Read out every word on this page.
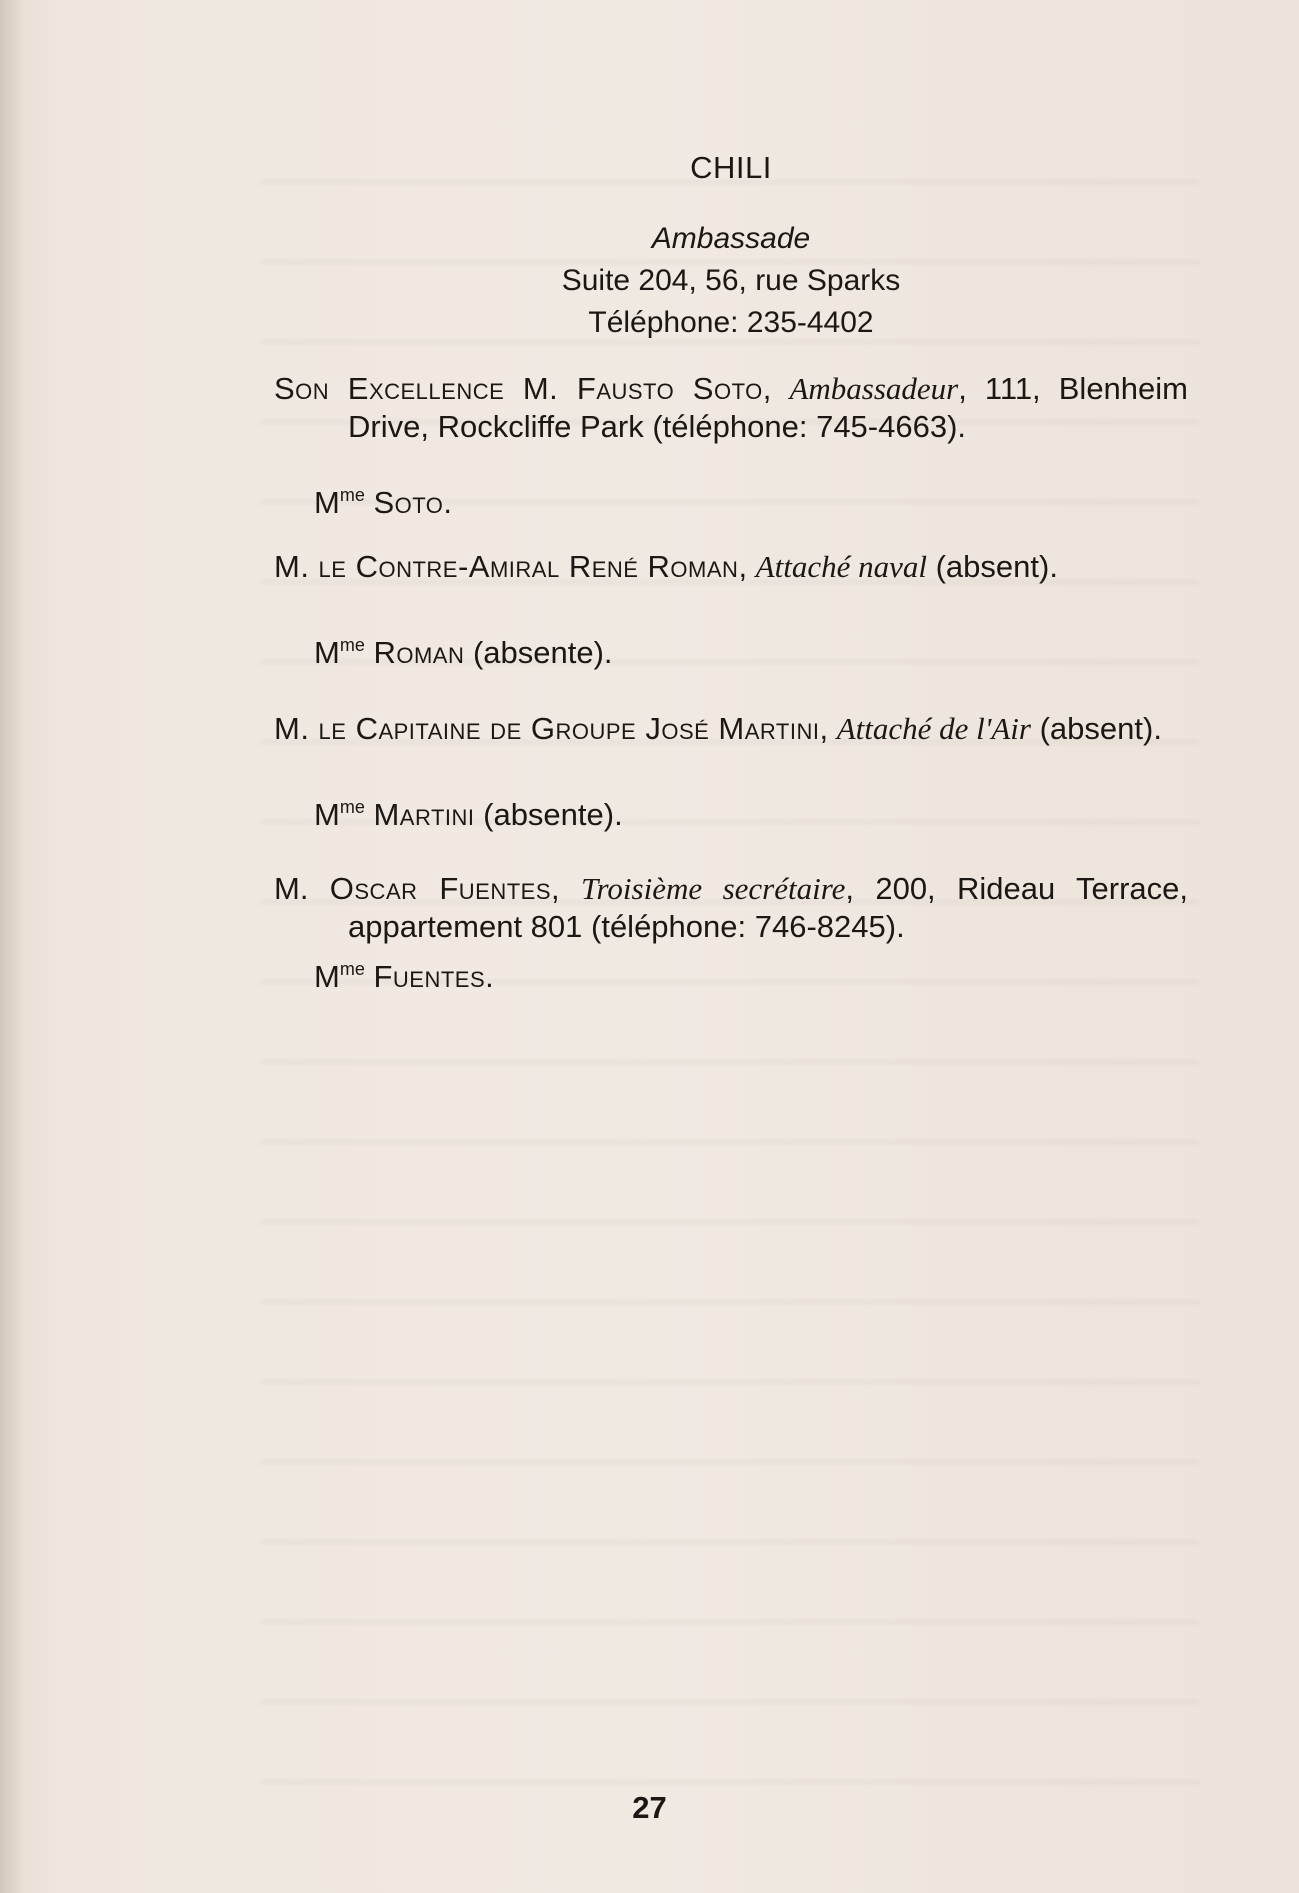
CHILI
Ambassade
Suite 204, 56, rue Sparks
Téléphone: 235-4402
Son Excellence M. Fausto Soto, Ambassadeur, 111, Blenheim Drive, Rockcliffe Park (téléphone: 745-4663).
$M^{me}$ Soto.
M. le Contre-Amiral René Roman, Attaché naval (absent).
$M^{me}$ Roman (absente).
M. le Capitaine de Groupe José Martini, Attaché de l'Air (absent).
$M^{me}$ Martini (absente).
M. Oscar Fuentes, Troisième secrétaire, 200, Rideau Terrace, appartement 801 (téléphone: 746-8245).
$M^{me}$ Fuentes.
27
